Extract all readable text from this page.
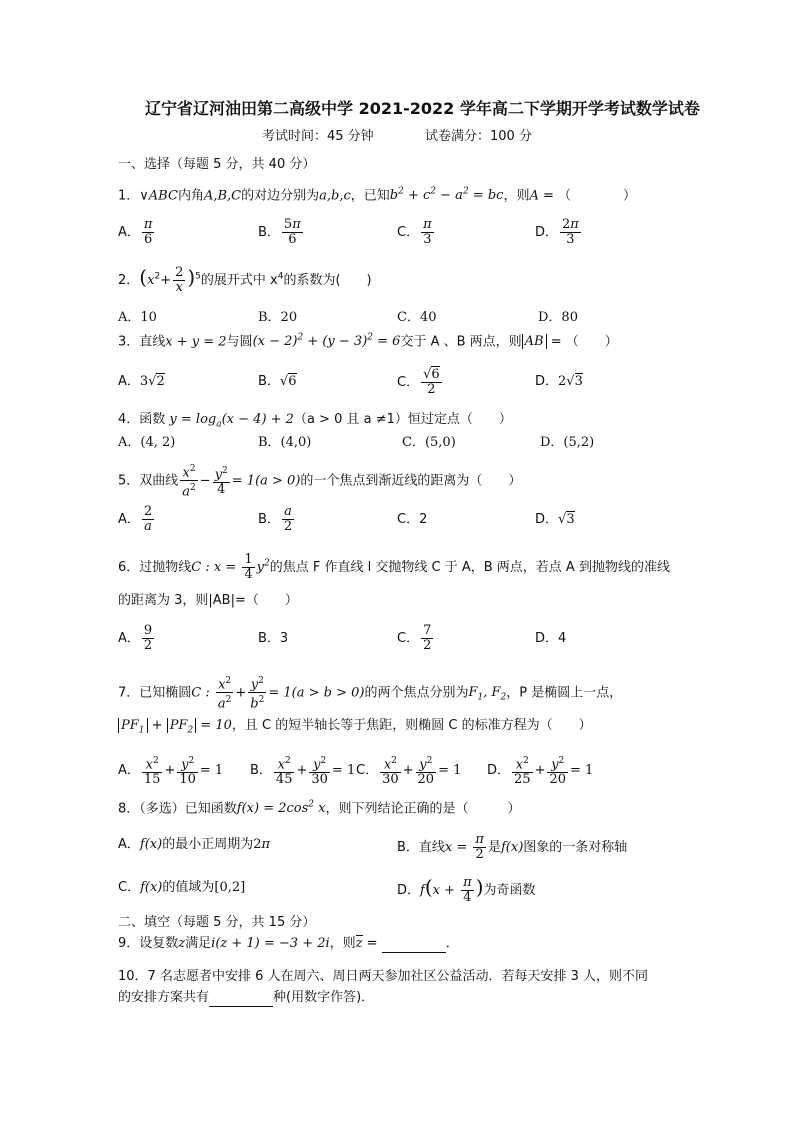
辽宁省辽河油田第二高级中学 2021-2022 学年高二下学期开学考试数学试卷
考试时间：45 分钟	试卷满分：100 分
一、选择（每题 5 分，共 40 分）
1．∨ABC内角A,B,C的对边分别为a,b,c，已知$b^2 + c^2 - a^2$ = bc，则A = （　　　　）
A． $\frac{\pi}{6}$	B． $\frac{5\pi}{6}$	C． $\frac{\pi}{3}$	D． $\frac{2\pi}{3}$
2．$(x^2+ \frac{2}{x} )^5$的展开式中 $x^4$的系数为(　　)
A．10	B．20	C．40	D．80
3．直线x + y = 2与圆$(x - 2)^2 + (y - 3)^2 = 6$交于 A 、B 两点，则 AB = （　　）
A．3√2	B．√6	C． $\frac{√6}{2}$	D．2√3
4．函数 $y = \log_a(x - 4) + 2(a > 0$ 且 a ≠1）恒过定点（　　）
A．(4, 2)	B．(4,0)	C．(5,0)	D．(5,2)
5．双曲线 $\frac{x^2}{a^2} - \frac{y^2}{4} = 1(a > 0)$的一个焦点到渐近线的距离为（　　）
A． $\frac{2}{a}$	B． $\frac{a}{2}$	C．2	D．√3
6．过抛物线C : $x = \frac{1}{4} y^2$的焦点 F 作直线 l 交抛物线 C 于 A，B 两点，若点 A 到抛物线的准线
的距离为 3，则|AB|=（　　）
A． $\frac{9}{2}$	B．3	C． $\frac{7}{2}$	D．4
7．已知椭圆C : $\frac{x^2}{a^2} + \frac{y^2}{b^2} = 1(a > b > 0)$的两个焦点分别为$F_1$, $F_2$，P 是椭圆上一点，
$PF_1 + PF_2 = 10$，且 C 的短半轴长等于焦距，则椭圆 C 的标准方程为（　　）
A． $\frac{x^2}{15} + \frac{y^2}{10} = 1$ B． $\frac{x^2}{45} + \frac{y^2}{30} = 1$ C． $\frac{x^2}{30} + \frac{y^2}{20} = 1$ D． $\frac{x^2}{25} + \frac{y^2}{20} = 1$
8．（多选）已知函数$f(x) = 2\cos^2$ x，则下列结论正确的是（　　　）
A．f(x)的最小正周期为2π	B．直线$x = \frac{\pi}{2}$ 是f(x)图象的一条对称轴
C．f(x)的值域为[0,2]	D．$f(x + \frac{\pi}{4}$ )为奇函数
二、填空（每题 5 分，共 15 分）
9．设复数z满足i(z + 1) = −3 + 2i，则z =	．
10．7 名志愿者中安排 6 人在周六、周日两天参加社区公益活动．若每天安排 3 人，则不同
的安排方案共有	种(用数字作答)．
